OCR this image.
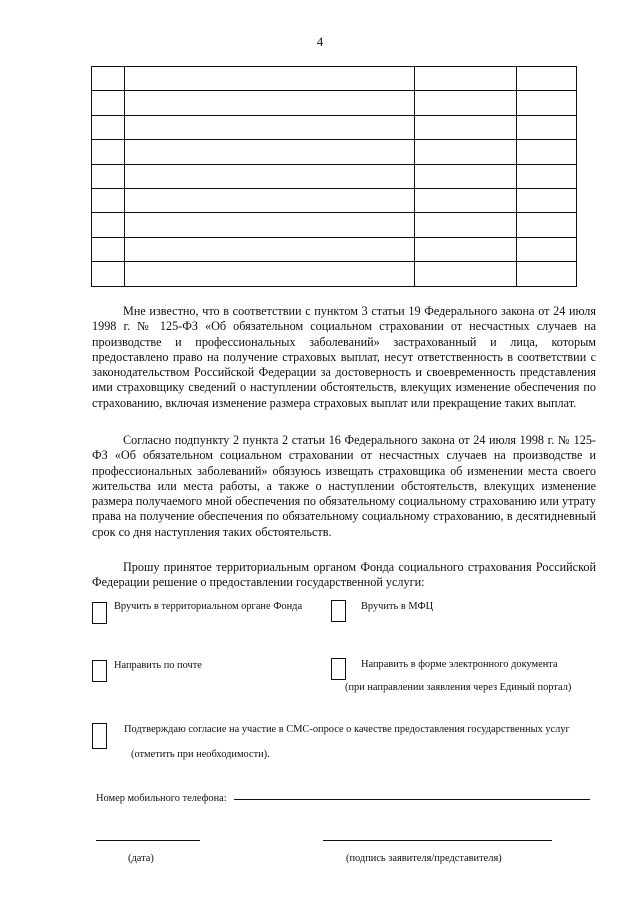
4

Мне известно, что в соответствии с пунктом 3 статьи 19 Федерального закона от 24 июля 1998 г. № 125-ФЗ «Об обязательном социальном страховании от несчастных случаев на производстве и профессиональных заболеваний» застрахованный и лица, которым предоставлено право на получение страховых выплат, несут ответственность в соответствии с законодательством Российской Федерации за достоверность и своевременность представления ими страховщику сведений о наступлении обстоятельств, влекущих изменение обеспечения по страхованию, включая изменение размера страховых выплат или прекращение таких выплат.

Согласно подпункту 2 пункта 2 статьи 16 Федерального закона от 24 июля 1998 г. № 125-ФЗ «Об обязательном социальном страховании от несчастных случаев на производстве и профессиональных заболеваний» обязуюсь извещать страховщика об изменении места своего жительства или места работы, а также о наступлении обстоятельств, влекущих изменение размера получаемого мной обеспечения по обязательному социальному страхованию или утрату права на получение обеспечения по обязательному социальному страхованию, в десятидневный срок со дня наступления таких обстоятельств.

Прошу принятое территориальным органом Фонда социального страхования Российской Федерации решение о предоставлении государственной услуги:

Вручить в территориальном органе Фонда	Вручить в МФЦ
Направить по почте	Направить в форме электронного документа
(при направлении заявления через Единый портал)
Подтверждаю согласие на участие в СМС-опросе о качестве предоставления государственных услуг
(отметить при необходимости).
Номер мобильного телефона:
(дата)	(подпись заявителя/представителя)
